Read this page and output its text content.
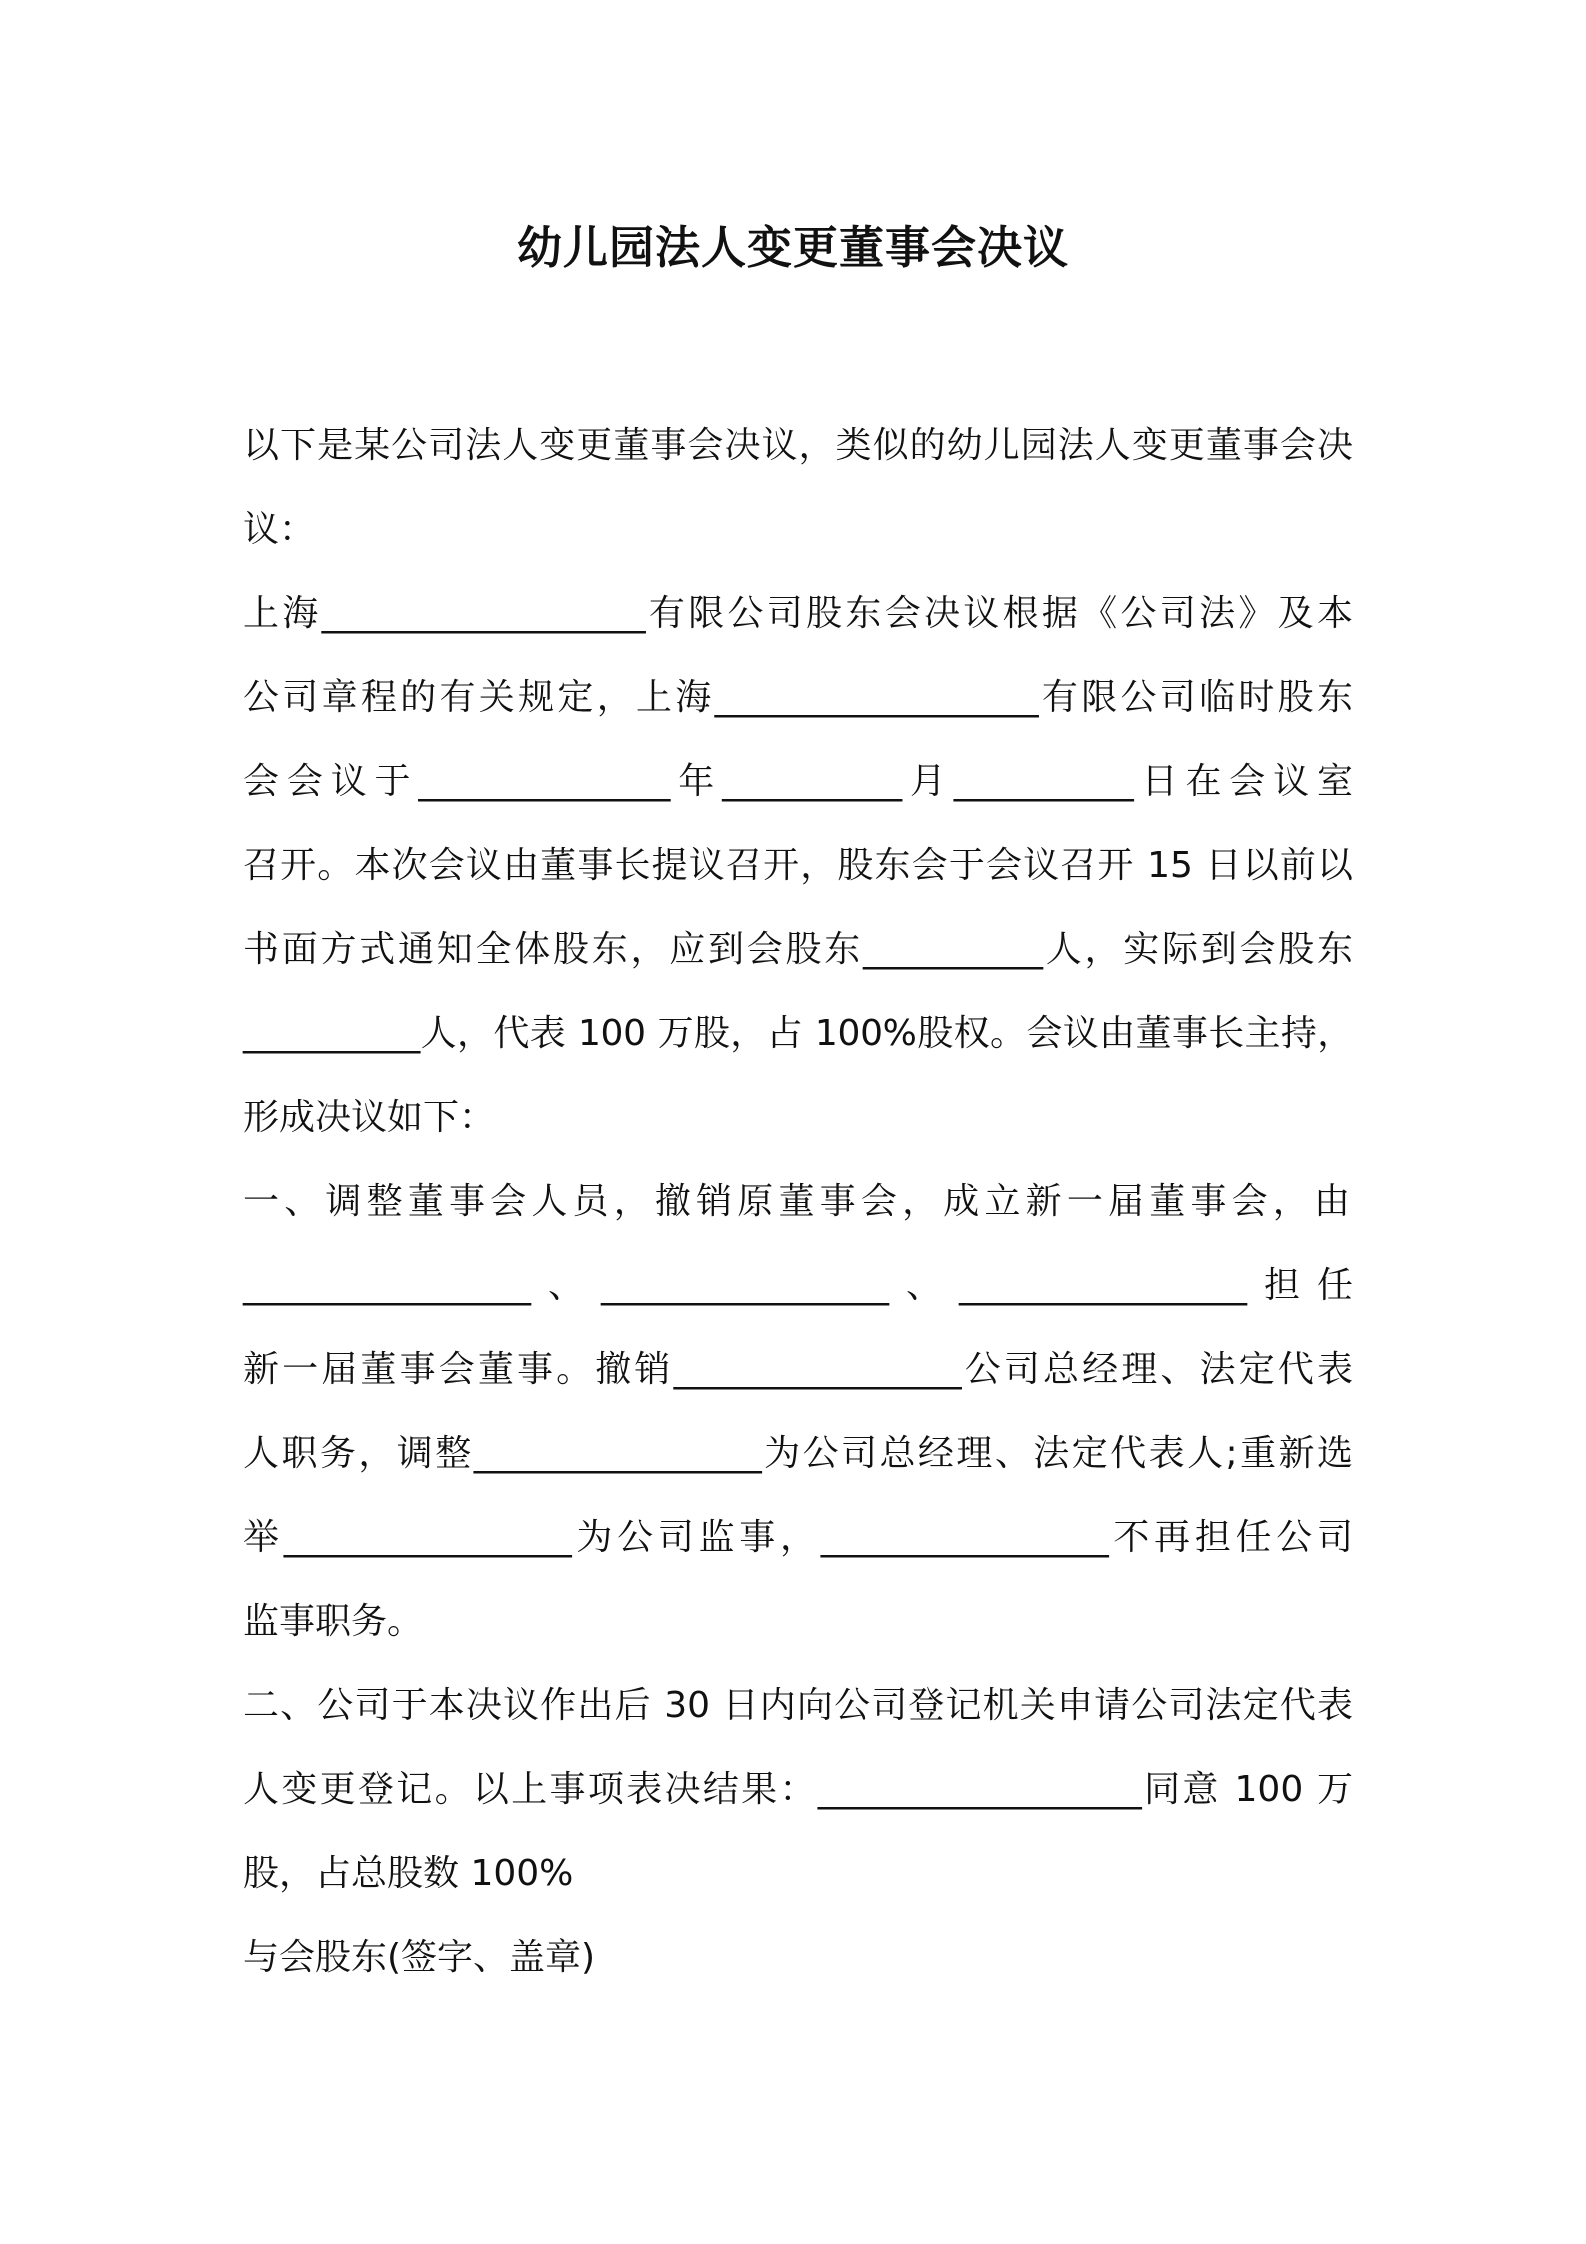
幼儿园法人变更董事会决议
以下是某公司法人变更董事会决议，类似的幼儿园法人变更董事会决
议：
上海__________________有限公司股东会决议根据《公司法》及本
公司章程的有关规定，上海__________________有限公司临时股东
会会议于______________年__________月__________日在会议室
召开。本次会议由董事长提议召开，股东会于会议召开 15 日以前以
书面方式通知全体股东，应到会股东__________人，实际到会股东
__________人，代表 100 万股，占 100%股权。会议由董事长主持，
形成决议如下：
一、调整董事会人员，撤销原董事会，成立新一届董事会，由
________________、________________、________________担任
新一届董事会董事。撤销________________公司总经理、法定代表
人职务，调整________________为公司总经理、法定代表人;重新选
举________________为公司监事，________________不再担任公司
监事职务。
二、公司于本决议作出后 30 日内向公司登记机关申请公司法定代表
人变更登记。以上事项表决结果：__________________同意 100 万
股，占总股数 100%
与会股东(签字、盖章)
